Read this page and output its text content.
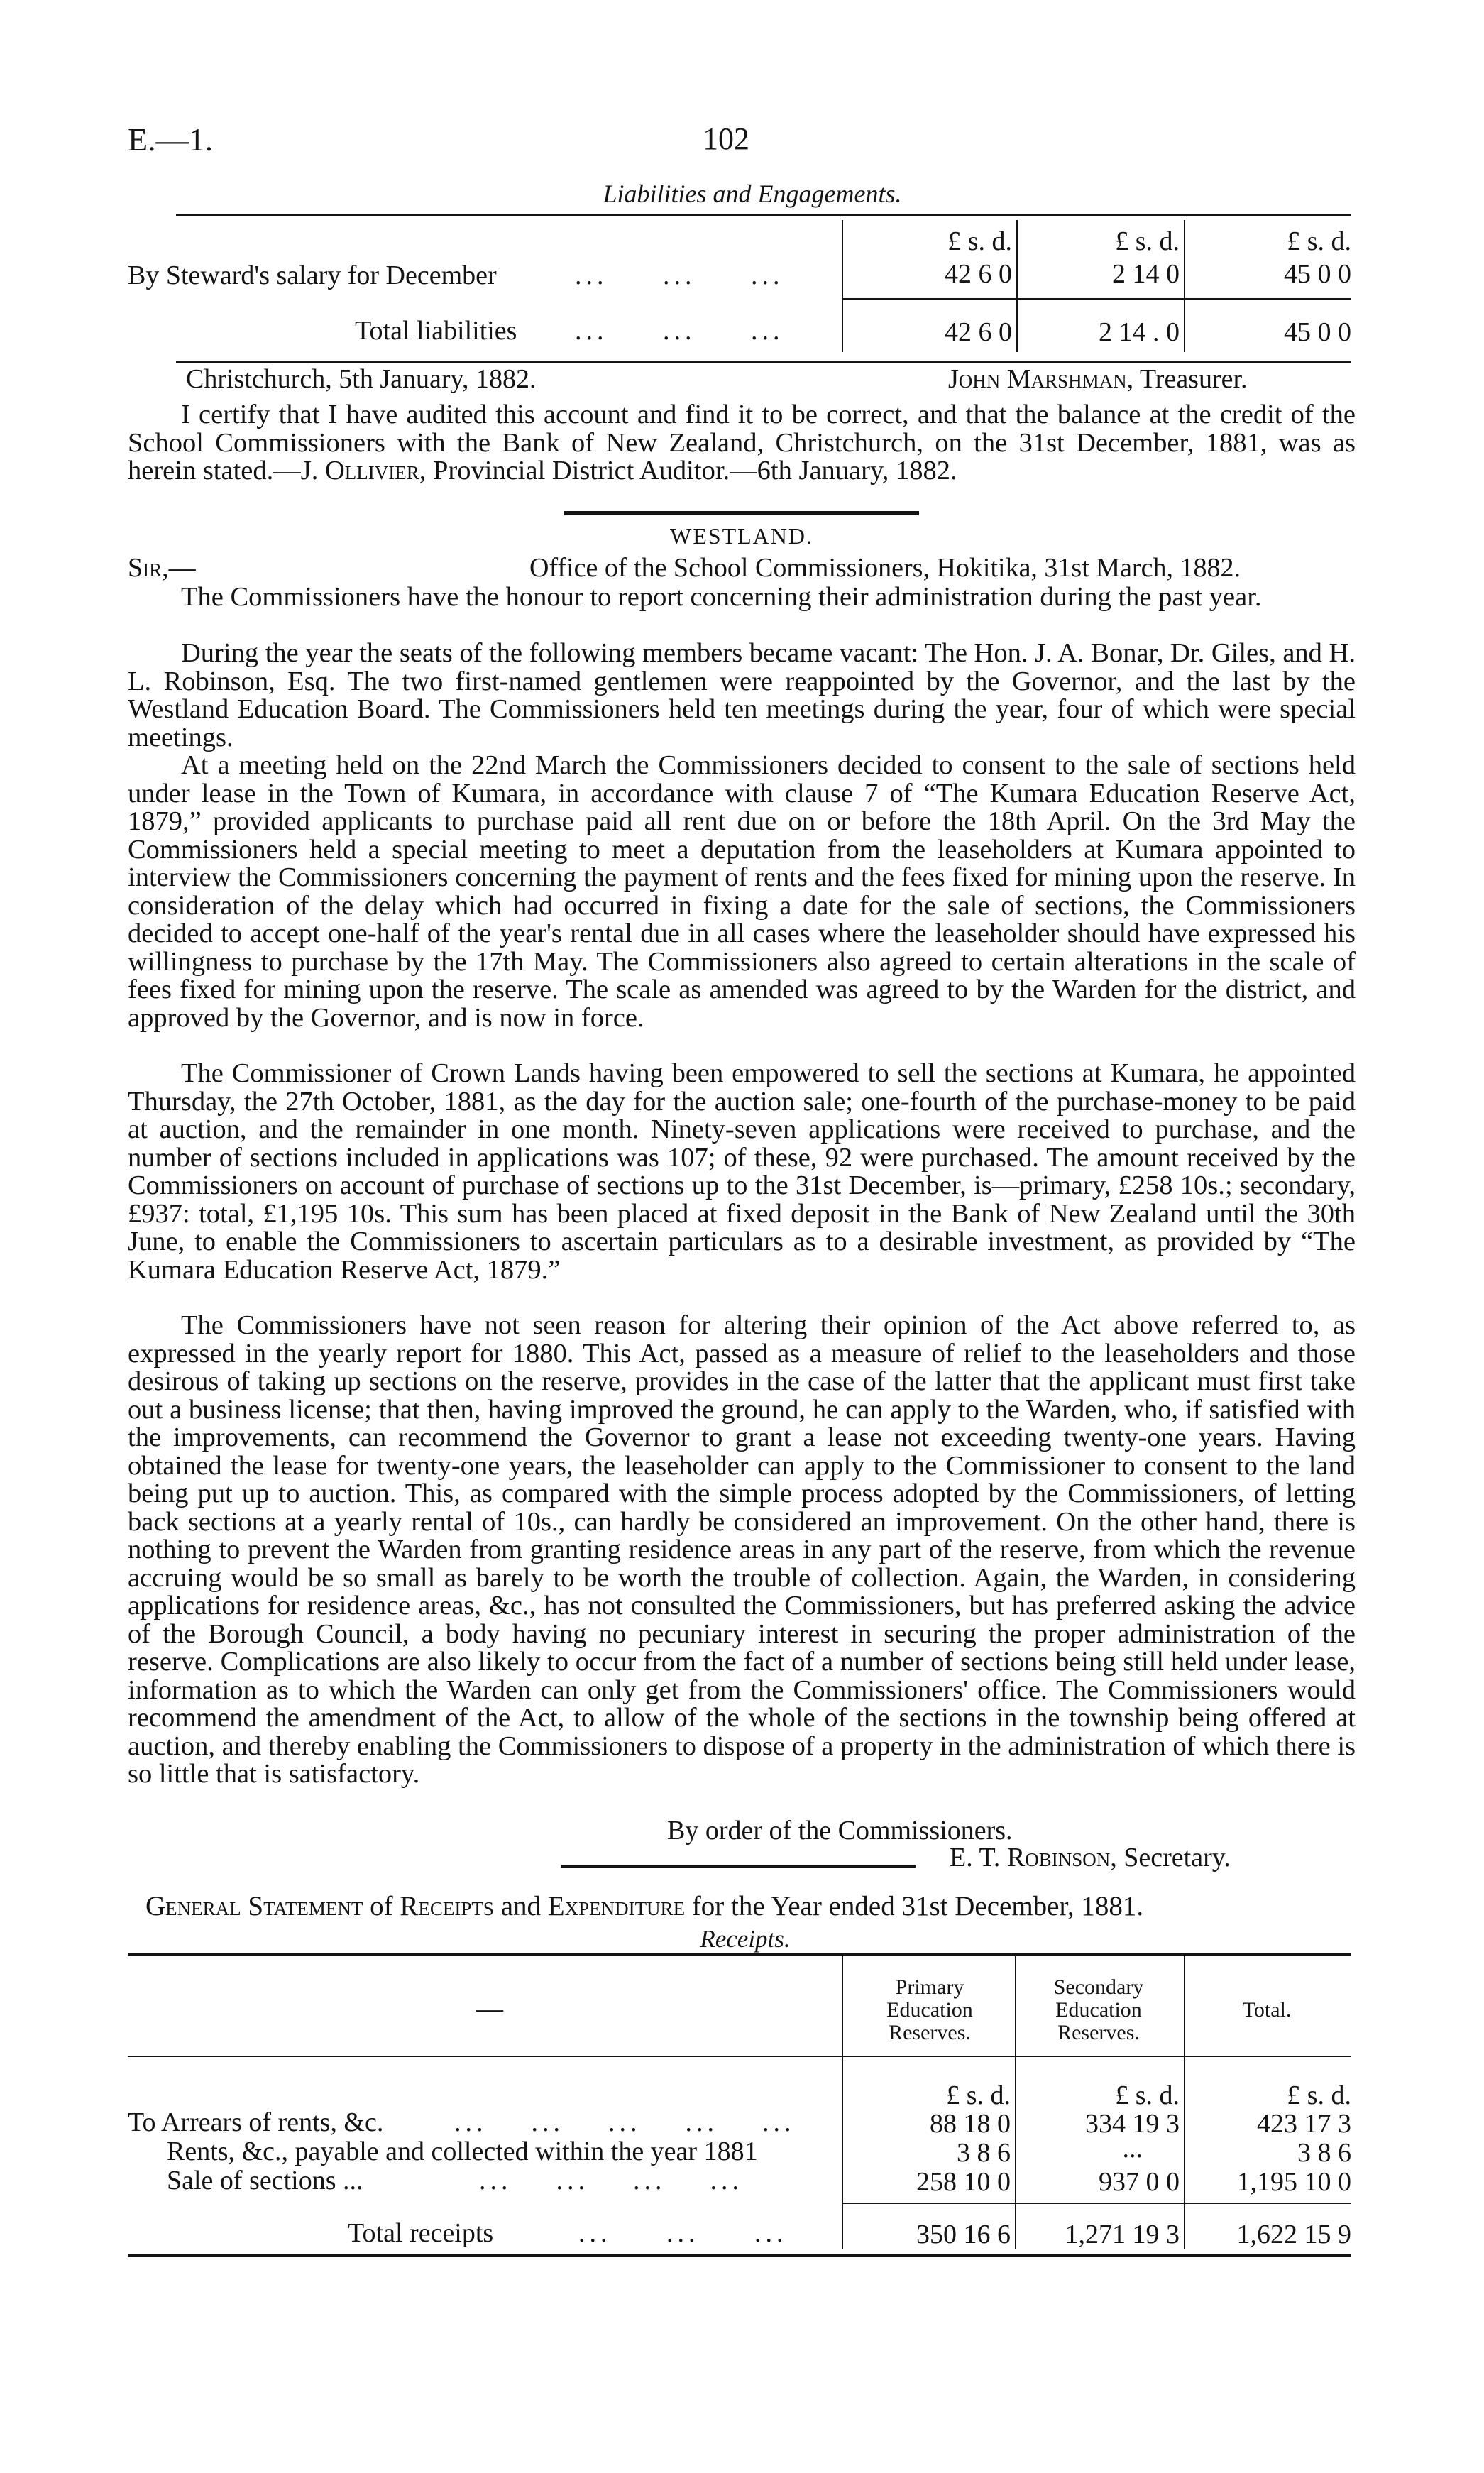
E.—1.	102
Liabilities and Engagements.
£ s. d.	£ s. d.	£ s. d.
By Steward's salary for December	...     ...     ...	42 6 0	2 14 0	45 0 0
Total liabilities ...     ...     ...	42 6 0	2 14 . 0	45 0 0
Christchurch, 5th January, 1882.	John Marshman, Treasurer.
I certify that I have audited this account and find it to be correct, and that the balance at the credit of the School Commissioners with the Bank of New Zealand, Christchurch, on the 31st December, 1881, was as herein stated.—J. Ollivier, Provincial District Auditor.—6th January, 1882.
WESTLAND.
Sir,—	Office of the School Commissioners, Hokitika, 31st March, 1882.
The Commissioners have the honour to report concerning their administration during the past year.
During the year the seats of the following members became vacant: The Hon. J. A. Bonar, Dr. Giles, and H. L. Robinson, Esq. The two first-named gentlemen were reappointed by the Governor, and the last by the Westland Education Board. The Commissioners held ten meetings during the year, four of which were special meetings.
At a meeting held on the 22nd March the Commissioners decided to consent to the sale of sections held under lease in the Town of Kumara, in accordance with clause 7 of “The Kumara Education Reserve Act, 1879,” provided applicants to purchase paid all rent due on or before the 18th April. On the 3rd May the Commissioners held a special meeting to meet a deputation from the leaseholders at Kumara appointed to interview the Commissioners concerning the payment of rents and the fees fixed for mining upon the reserve. In consideration of the delay which had occurred in fixing a date for the sale of sections, the Commissioners decided to accept one-half of the year's rental due in all cases where the leaseholder should have expressed his willingness to purchase by the 17th May. The Commissioners also agreed to certain alterations in the scale of fees fixed for mining upon the reserve. The scale as amended was agreed to by the Warden for the district, and approved by the Governor, and is now in force.
The Commissioner of Crown Lands having been empowered to sell the sections at Kumara, he appointed Thursday, the 27th October, 1881, as the day for the auction sale; one-fourth of the purchase-money to be paid at auction, and the remainder in one month. Ninety-seven applications were received to purchase, and the number of sections included in applications was 107; of these, 92 were purchased. The amount received by the Commissioners on account of purchase of sections up to the 31st December, is—primary, £258 10s.; secondary, £937: total, £1,195 10s. This sum has been placed at fixed deposit in the Bank of New Zealand until the 30th June, to enable the Commissioners to ascertain particulars as to a desirable investment, as provided by “The Kumara Education Reserve Act, 1879.”
The Commissioners have not seen reason for altering their opinion of the Act above referred to, as expressed in the yearly report for 1880. This Act, passed as a measure of relief to the leaseholders and those desirous of taking up sections on the reserve, provides in the case of the latter that the applicant must first take out a business license; that then, having improved the ground, he can apply to the Warden, who, if satisfied with the improvements, can recommend the Governor to grant a lease not exceeding twenty-one years. Having obtained the lease for twenty-one years, the leaseholder can apply to the Commissioner to consent to the land being put up to auction. This, as compared with the simple process adopted by the Commissioners, of letting back sections at a yearly rental of 10s., can hardly be considered an improvement. On the other hand, there is nothing to prevent the Warden from granting residence areas in any part of the reserve, from which the revenue accruing would be so small as barely to be worth the trouble of collection. Again, the Warden, in considering applications for residence areas, &c., has not consulted the Commissioners, but has preferred asking the advice of the Borough Council, a body having no pecuniary interest in securing the proper administration of the reserve. Complications are also likely to occur from the fact of a number of sections being still held under lease, information as to which the Warden can only get from the Commissioners' office. The Commissioners would recommend the amendment of the Act, to allow of the whole of the sections in the township being offered at auction, and thereby enabling the Commissioners to dispose of a property in the administration of which there is so little that is satisfactory.
By order of the Commissioners.
E. T. Robinson, Secretary.
General Statement of Receipts and Expenditure for the Year ended 31st December, 1881.
Receipts.
—
Primary Education Reserves.
Secondary Education Reserves.
Total.
£ s. d.	£ s. d.	£ s. d.
To Arrears of rents, &c.	...    ...    ...    ...    ...	88 18 0	334 19 3	423 17 3
Rents, &c., payable and collected within the year 1881	3 8 6	...	3 8 6
Sale of sections ...	...    ...    ...    ...	258 10 0	937 0 0	1,195 10 0
Total receipts	...     ...     ...	350 16 6	1,271 19 3	1,622 15 9
